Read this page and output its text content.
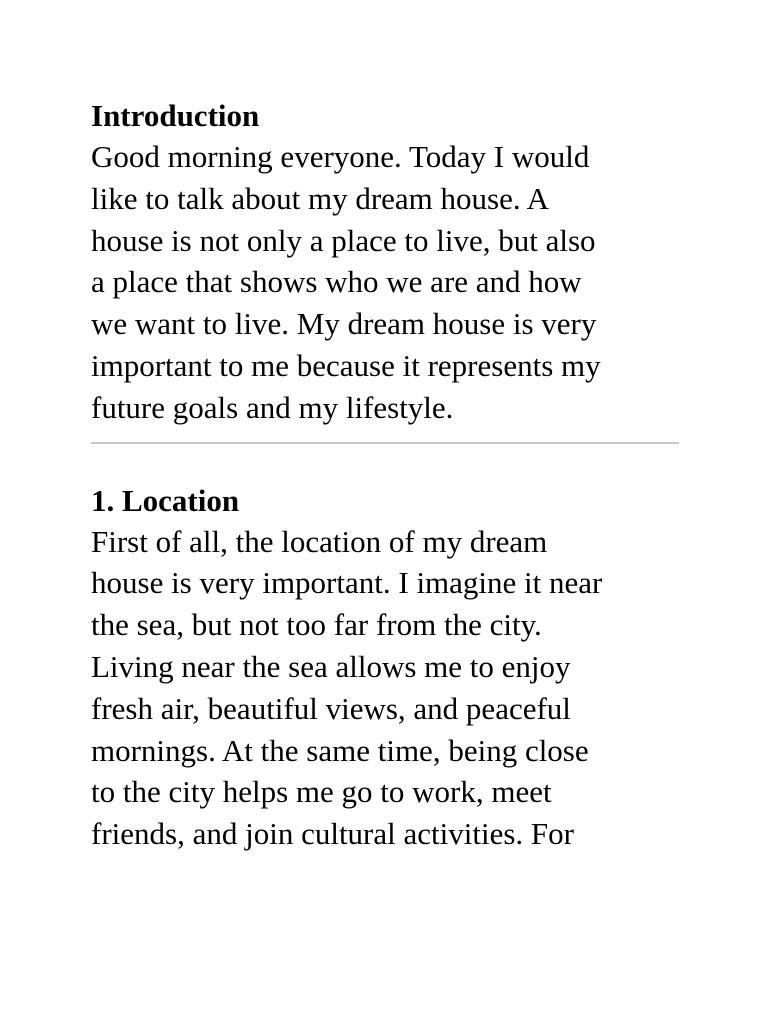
Introduction

Good morning everyone. Today I would
like to talk about my dream house. A
house is not only a place to live, but also
a place that shows who we are and how
we want to live. My dream house is very
important to me because it represents my
future goals and my lifestyle.

1. Location

First of all, the location of my dream
house is very important. I imagine it near
the sea, but not too far from the city.
Living near the sea allows me to enjoy
fresh air, beautiful views, and peaceful
mornings. At the same time, being close
to the city helps me go to work, meet
friends, and join cultural activities. For
